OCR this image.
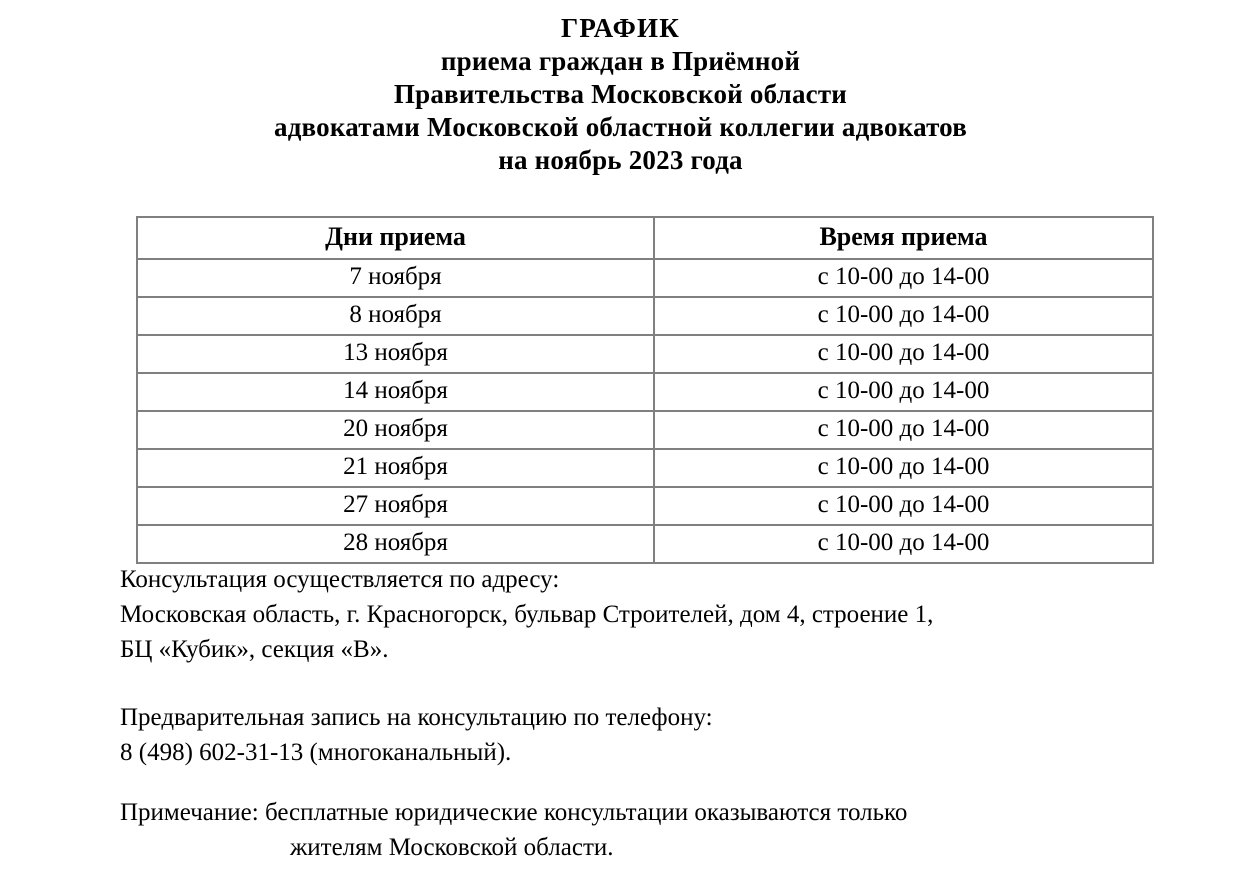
ГРАФИК
приема граждан в Приёмной
Правительства Московской области
адвокатами Московской областной коллегии адвокатов
на ноябрь 2023 года
Дни приема	Время приема
7 ноября	с 10-00 до 14-00
8 ноября	с 10-00 до 14-00
13 ноября	с 10-00 до 14-00
14 ноября	с 10-00 до 14-00
20 ноября	с 10-00 до 14-00
21 ноября	с 10-00 до 14-00
27 ноября	с 10-00 до 14-00
28 ноября	с 10-00 до 14-00
Консультация осуществляется по адресу:
Московская область, г. Красногорск, бульвар Строителей, дом 4, строение 1,
БЦ «Кубик», секция «В».
Предварительная запись на консультацию по телефону:
8 (498) 602-31-13 (многоканальный).
Примечание: бесплатные юридические консультации оказываются только
жителям Московской области.
